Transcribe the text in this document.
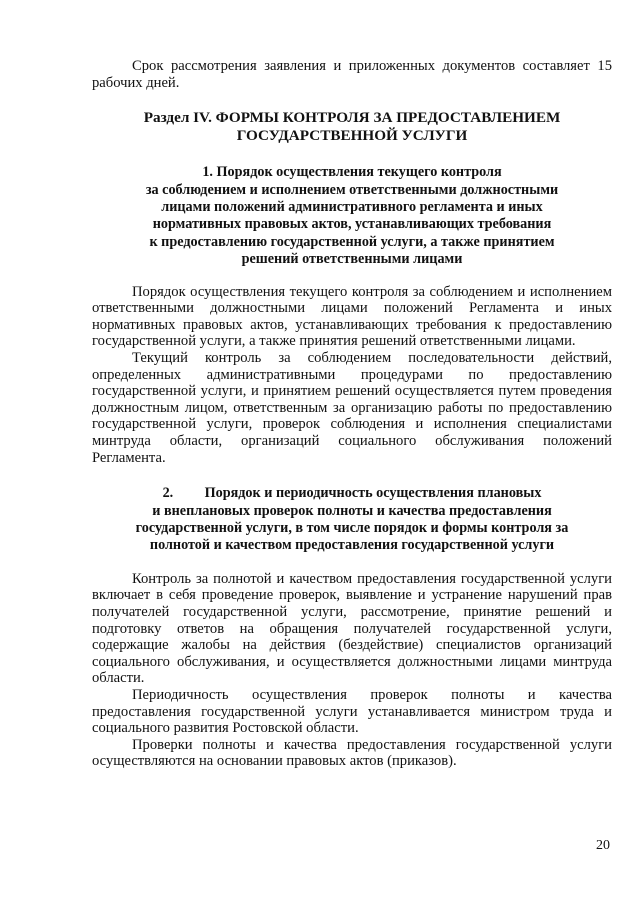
Срок рассмотрения заявления и приложенных документов составляет 15 рабочих дней.

Раздел IV. ФОРМЫ КОНТРОЛЯ ЗА ПРЕДОСТАВЛЕНИЕМ
ГОСУДАРСТВЕННОЙ УСЛУГИ
1. Порядок осуществления текущего контроля
за соблюдением и исполнением ответственными должностными
лицами положений административного регламента и иных
нормативных правовых актов, устанавливающих требования
к предоставлению государственной услуги, а также принятием
решений ответственными лицами

Порядок осуществления текущего контроля за соблюдением и исполнением ответственными должностными лицами положений Регламента и иных нормативных правовых актов, устанавливающих требования к предоставлению государственной услуги, а также принятия решений ответственными лицами.

Текущий контроль за соблюдением последовательности действий, определенных административными процедурами по предоставлению государственной услуги, и принятием решений осуществляется путем проведения должностным лицом, ответственным за организацию работы по предоставлению государственной услуги, проверок соблюдения и исполнения специалистами минтруда области, организаций социального обслуживания положений Регламента.

2. Порядок и периодичность осуществления плановых
и внеплановых проверок полноты и качества предоставления
государственной услуги, в том числе порядок и формы контроля за
полнотой и качеством предоставления государственной услуги

Контроль за полнотой и качеством предоставления государственной услуги включает в себя проведение проверок, выявление и устранение нарушений прав получателей государственной услуги, рассмотрение, принятие решений и подготовку ответов на обращения получателей государственной услуги, содержащие жалобы на действия (бездействие) специалистов организаций социального обслуживания, и осуществляется должностными лицами минтруда области.

Периодичность осуществления проверок полноты и качества предоставления государственной услуги устанавливается министром труда и социального развития Ростовской области.

Проверки полноты и качества предоставления государственной услуги осуществляются на основании правовых актов (приказов).

20
